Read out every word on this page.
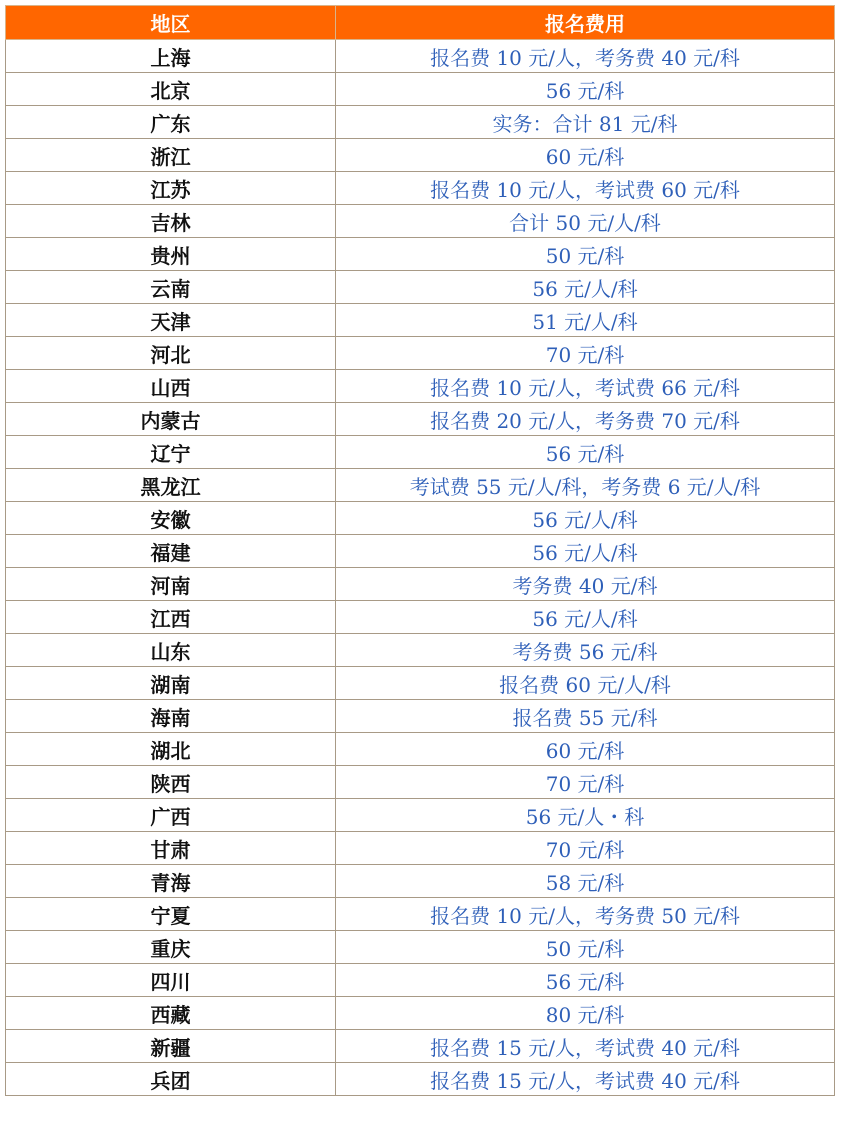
地区	报名费用
上海	报名费 10 元/人，考务费 40 元/科
北京	56 元/科
广东	实务：合计 81 元/科
浙江	60 元/科
江苏	报名费 10 元/人，考试费 60 元/科
吉林	合计 50 元/人/科
贵州	50 元/科
云南	56 元/人/科
天津	51 元/人/科
河北	70 元/科
山西	报名费 10 元/人，考试费 66 元/科
内蒙古	报名费 20 元/人，考务费 70 元/科
辽宁	56 元/科
黑龙江	考试费 55 元/人/科，考务费 6 元/人/科
安徽	56 元/人/科
福建	56 元/人/科
河南	考务费 40 元/科
江西	56 元/人/科
山东	考务费 56 元/科
湖南	报名费 60 元/人/科
海南	报名费 55 元/科
湖北	60 元/科
陕西	70 元/科
广西	56 元/人・科
甘肃	70 元/科
青海	58 元/科
宁夏	报名费 10 元/人，考务费 50 元/科
重庆	50 元/科
四川	56 元/科
西藏	80 元/科
新疆	报名费 15 元/人，考试费 40 元/科
兵团	报名费 15 元/人，考试费 40 元/科
